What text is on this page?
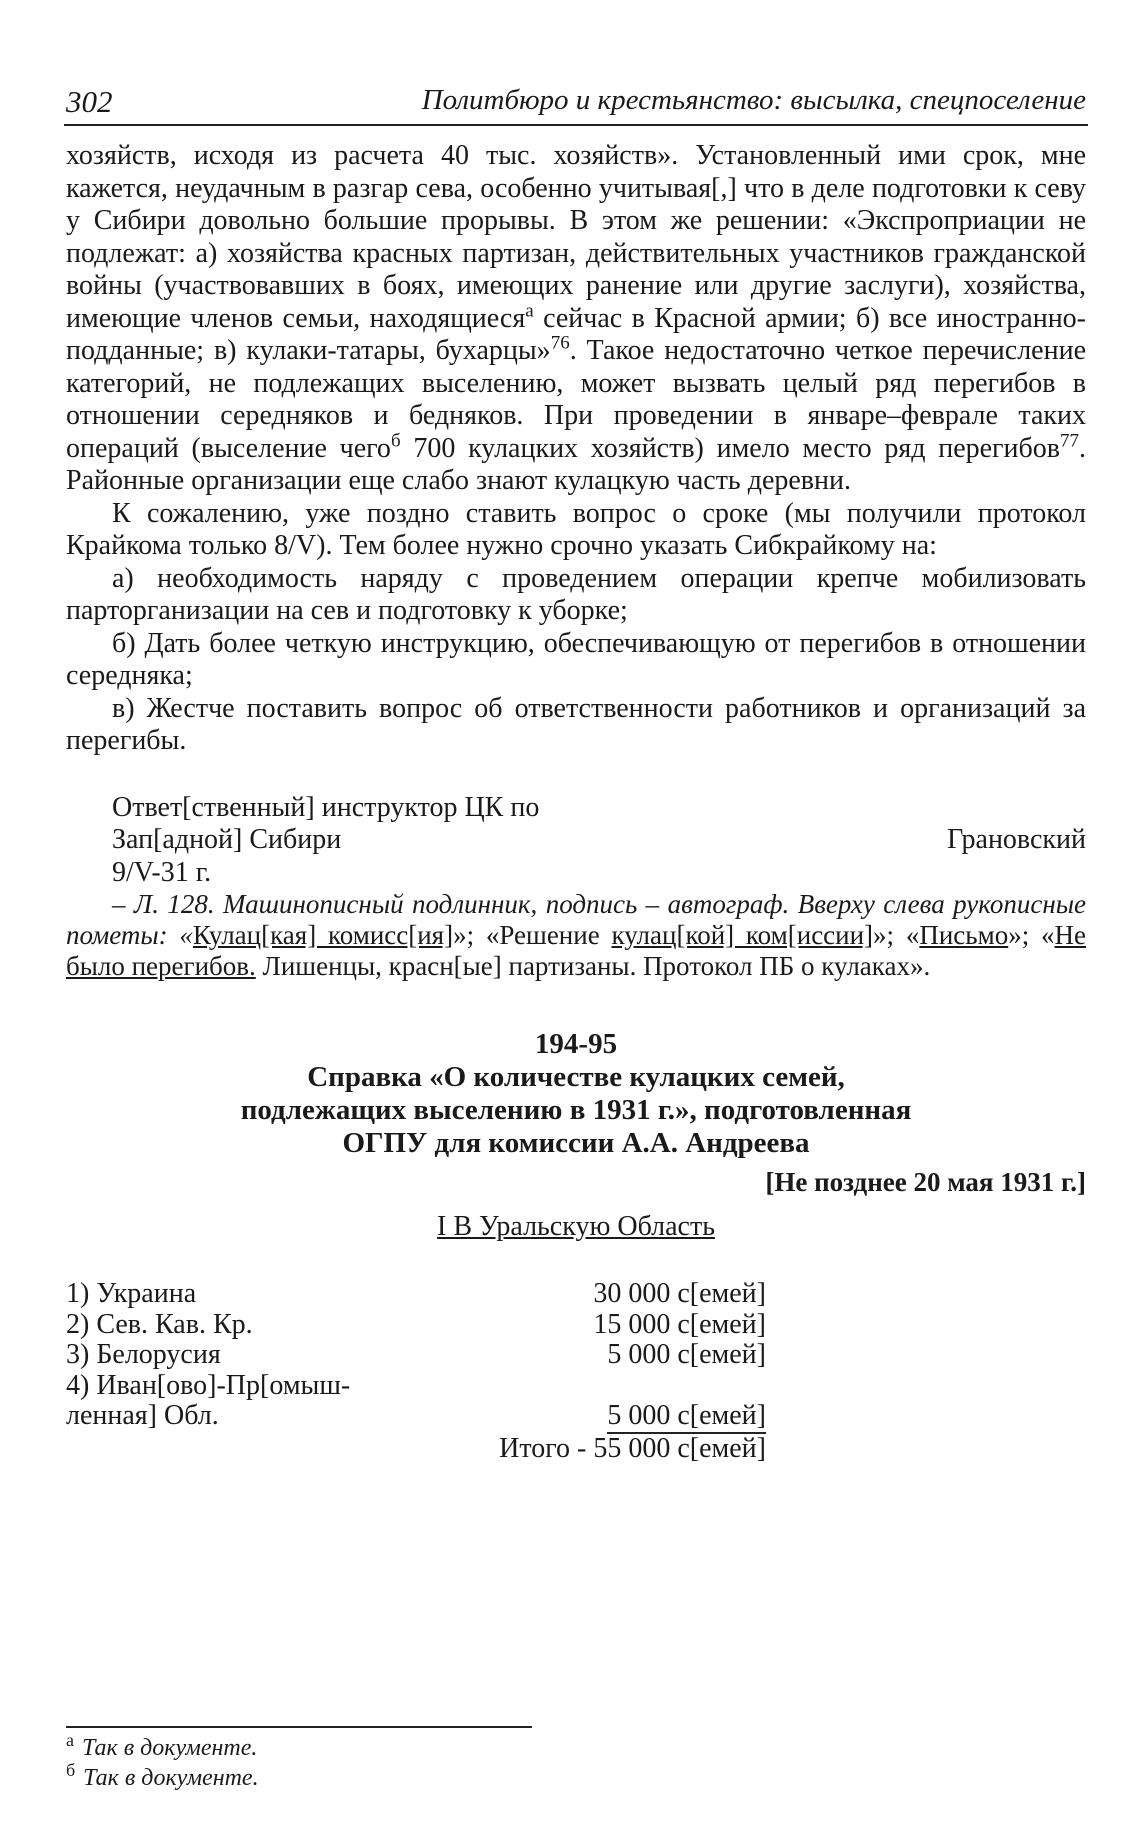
302	Политбюро и крестьянство: высылка, спецпоселение

хозяйств, исходя из расчета 40 тыс. хозяйств». Установленный ими срок, мне кажется, неудачным в разгар сева, особенно учитывая[,] что в деле подготовки к севу у Сибири довольно большие прорывы. В этом же решении: «Экспроприации не подлежат: а) хозяйства красных партизан, действительных участников гражданской войны (участвовавших в боях, имеющих ранение или другие заслуги), хозяйства, имеющие членов семьи, находящиеся$^а$ сейчас в Красной армии; б) все иностранно-подданные; в) кулаки-татары, бухарцы»$^{76}$. Такое недостаточно четкое перечисление категорий, не подлежащих выселению, может вызвать целый ряд перегибов в отношении середняков и бедняков. При проведении в январе–феврале таких операций (выселение чего$^б$ 700 кулацких хозяйств) имело место ряд перегибов$^{77}$. Районные организации еще слабо знают кулацкую часть деревни.

К сожалению, уже поздно ставить вопрос о сроке (мы получили протокол Крайкома только 8/V). Тем более нужно срочно указать Сибкрайкому на:

а) необходимость наряду с проведением операции крепче мобилизовать парторганизации на сев и подготовку к уборке;

б) Дать более четкую инструкцию, обеспечивающую от перегибов в отношении середняка;

в) Жестче поставить вопрос об ответственности работников и организаций за перегибы.

Ответ[ственный] инструктор ЦК по

Зап[адной] Сибири	Грановский

9/V-31 г.

– Л. 128. Машинописный подлинник, подпись – автограф. Вверху слева рукописные пометы: «Кулац[кая] комисс[ия]»; «Решение кулац[кой] ком[иссии]»; «Письмо»; «Не было перегибов. Лишенцы, красн[ые] партизаны. Протокол ПБ о кулаках».

194-95
Справка «О количестве кулацких семей,
подлежащих выселению в 1931 г.», подготовленная
ОГПУ для комиссии А.А. Андреева
[Не позднее 20 мая 1931 г.]
I В Уральскую Область
1) Украина	30 000 с[емей]
2) Сев. Кав. Кр.	15 000 с[емей]
3) Белорусия	5 000 с[емей]
4) Иван[ово]-Пр[омыш-
ленная] Обл.	5 000 с[емей]
Итого - 55 000 с[емей]
$^а$ Так в документе.
$^б$ Так в документе.
